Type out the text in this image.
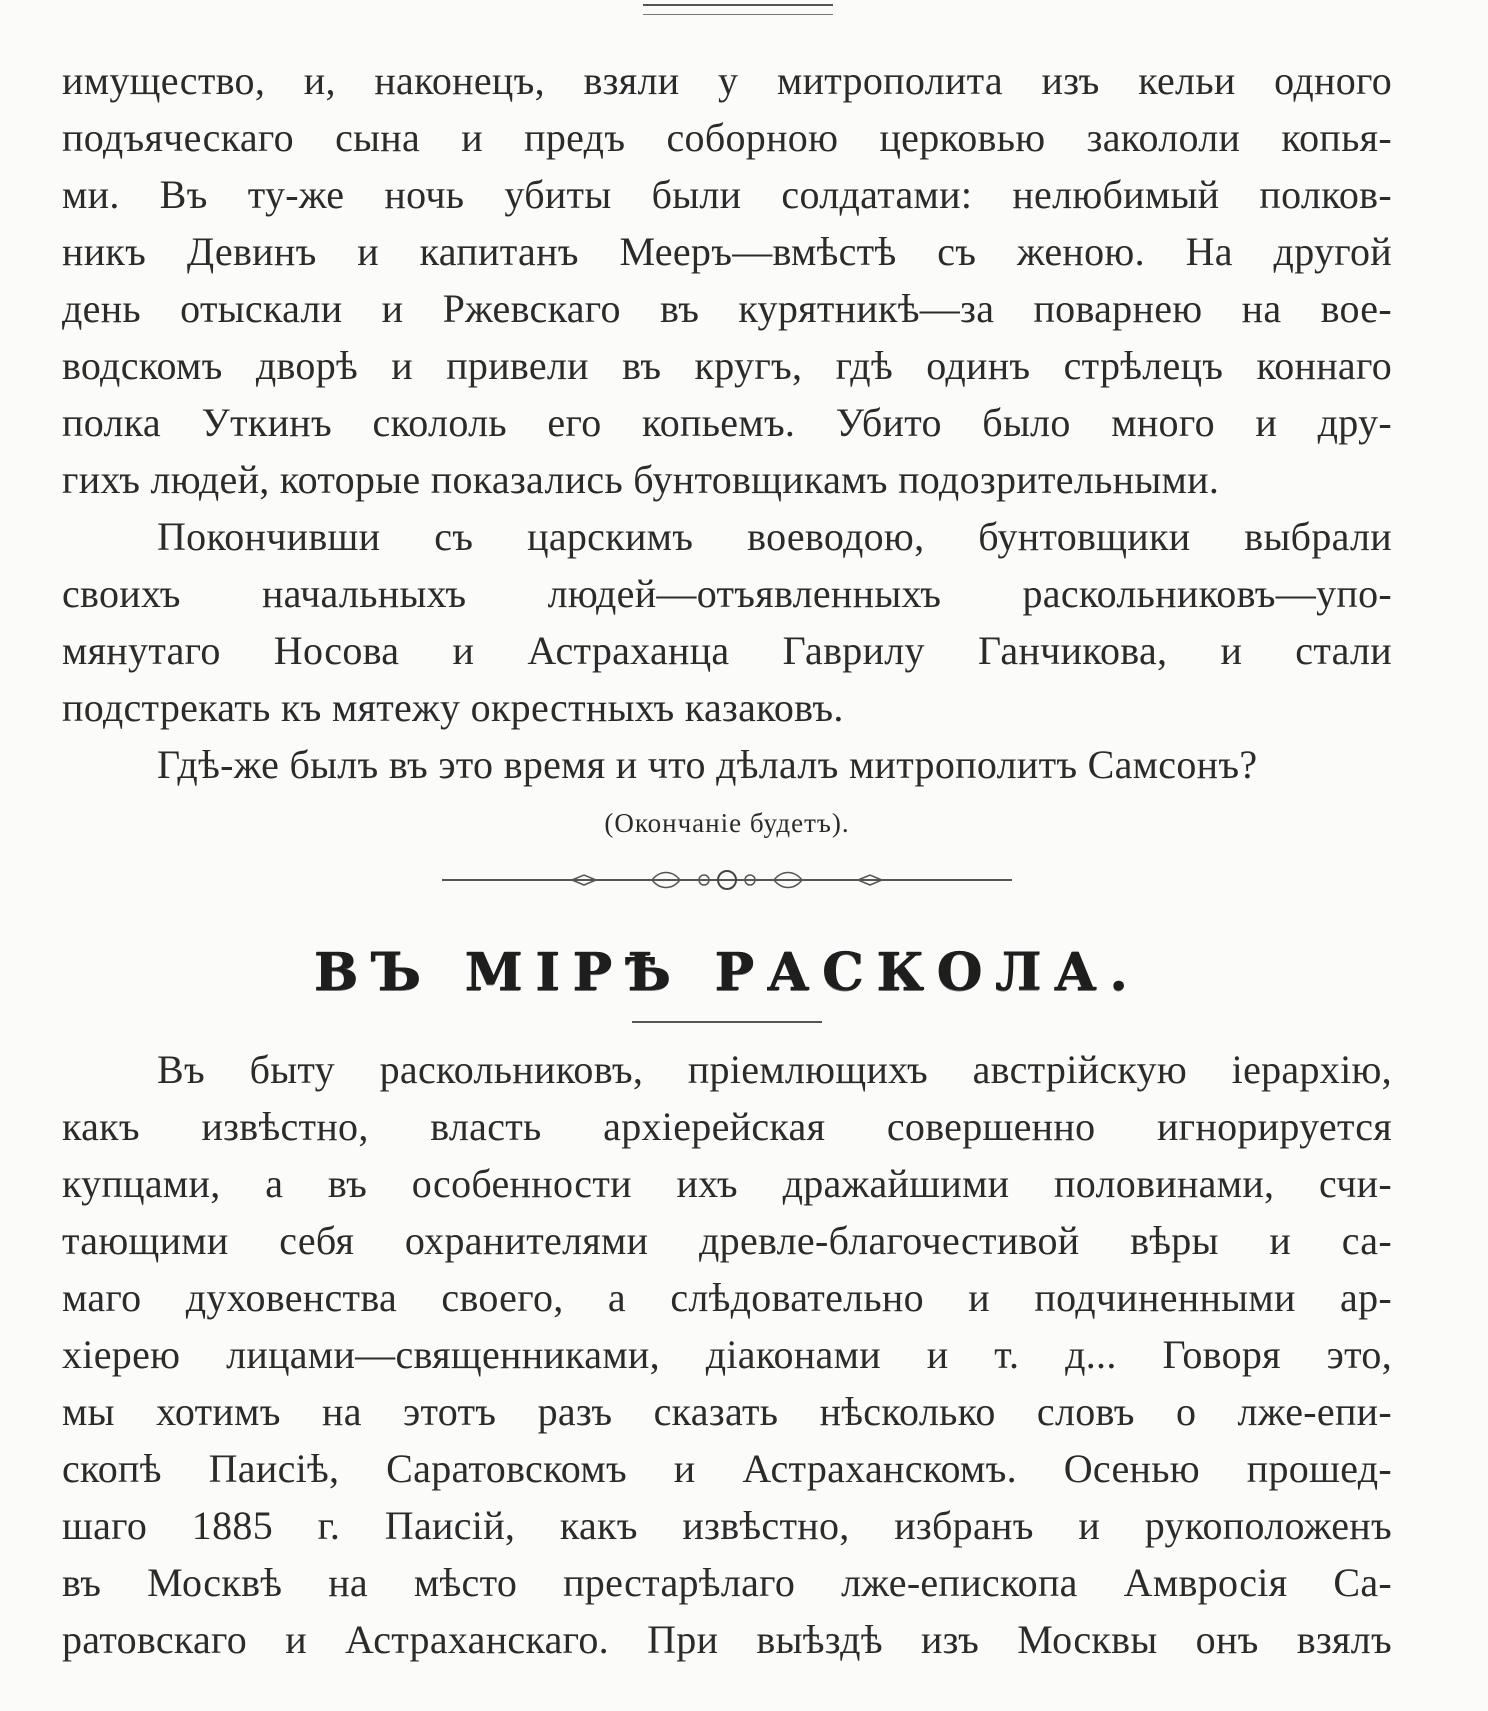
имущество, и, наконецъ, взяли у митрополита изъ кельи одного
подъяческаго сына и предъ соборною церковью закололи копья-
ми. Въ ту-же ночь убиты были солдатами: нелюбимый полков-
никъ Девинъ и капитанъ Мееръ—вмѣстѣ съ женою. На другой
день отыскали и Ржевскаго въ курятникѣ—за поварнею на вое-
водскомъ дворѣ и привели въ кругъ, гдѣ одинъ стрѣлецъ коннаго
полка Уткинъ скололь его копьемъ. Убито было много и дру-
гихъ людей, которые показались бунтовщикамъ подозрительными.
Покончивши съ царскимъ воеводою, бунтовщики выбрали
своихъ начальныхъ людей—отъявленныхъ раскольниковъ—упо-
мянутаго Носова и Астраханца Гаврилу Ганчикова, и стали
подстрекать къ мятежу окрестныхъ казаковъ.
Гдѣ-же былъ въ это время и что дѣлалъ митрополитъ Самсонъ?
(Окончаніе будетъ).
ВЪ МІРѢ РАСКОЛА.
Въ быту раскольниковъ, пріемлющихъ австрійскую іерархію,
какъ извѣстно, власть архіерейская совершенно игнорируется
купцами, а въ особенности ихъ дражайшими половинами, счи-
тающими себя охранителями древле-благочестивой вѣры и са-
маго духовенства своего, а слѣдовательно и подчиненными ар-
хіерею лицами—священниками, діаконами и т. д... Говоря это,
мы хотимъ на этотъ разъ сказать нѣсколько словъ о лже-епи-
скопѣ Паисіѣ, Саратовскомъ и Астраханскомъ. Осенью прошед-
шаго 1885 г. Паисій, какъ извѣстно, избранъ и рукоположенъ
въ Москвѣ на мѣсто престарѣлаго лже-епископа Амвросія Са-
ратовскаго и Астраханскаго. При выѣздѣ изъ Москвы онъ взялъ
